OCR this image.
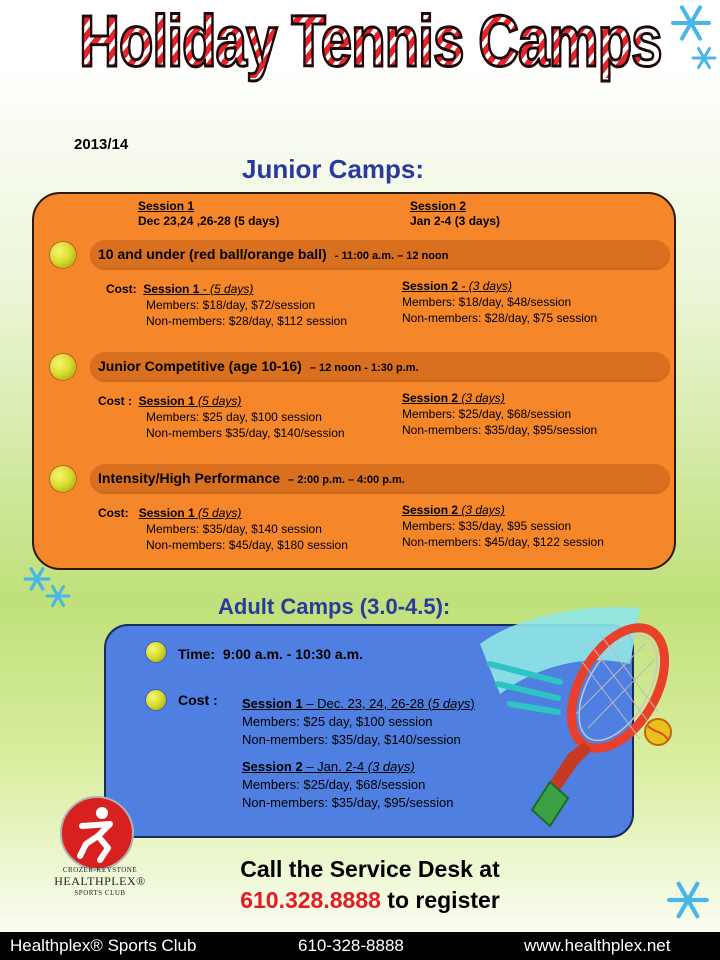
Holiday Tennis Camps
2013/14
Junior Camps:
Session 1
Dec 23,24 ,26-28 (5 days)
Session 2
Jan 2-4 (3 days)
10 and under (red ball/orange ball) - 11:00 a.m. – 12 noon
Cost: Session 1 - (5 days)
Members: $18/day, $72/session
Non-members: $28/day, $112 session
Session 2 - (3 days)
Members: $18/day, $48/session
Non-members: $28/day, $75 session
Junior Competitive (age 10-16) – 12 noon - 1:30 p.m.
Cost : Session 1 (5 days)
Members: $25 day, $100 session
Non-members $35/day, $140/session
Session 2 (3 days)
Members: $25/day, $68/session
Non-members: $35/day, $95/session
Intensity/High Performance – 2:00 p.m. – 4:00 p.m.
Cost: Session 1 (5 days)
Members: $35/day, $140 session
Non-members: $45/day, $180 session
Session 2 (3 days)
Members: $35/day, $95 session
Non-members: $45/day, $122 session
Adult Camps (3.0-4.5):
Time: 9:00 a.m. - 10:30 a.m.
Cost : Session 1 – Dec. 23, 24, 26-28 (5 days)
Members: $25 day, $100 session
Non-members: $35/day, $140/session
Session 2 – Jan. 2-4 (3 days)
Members: $25/day, $68/session
Non-members: $35/day, $95/session
CROZER-KEYSTONE
HEALTHPLEX®
SPORTS CLUB
Call the Service Desk at
610.328.8888 to register
Healthplex® Sports Club	610-328-8888	www.healthplex.net
